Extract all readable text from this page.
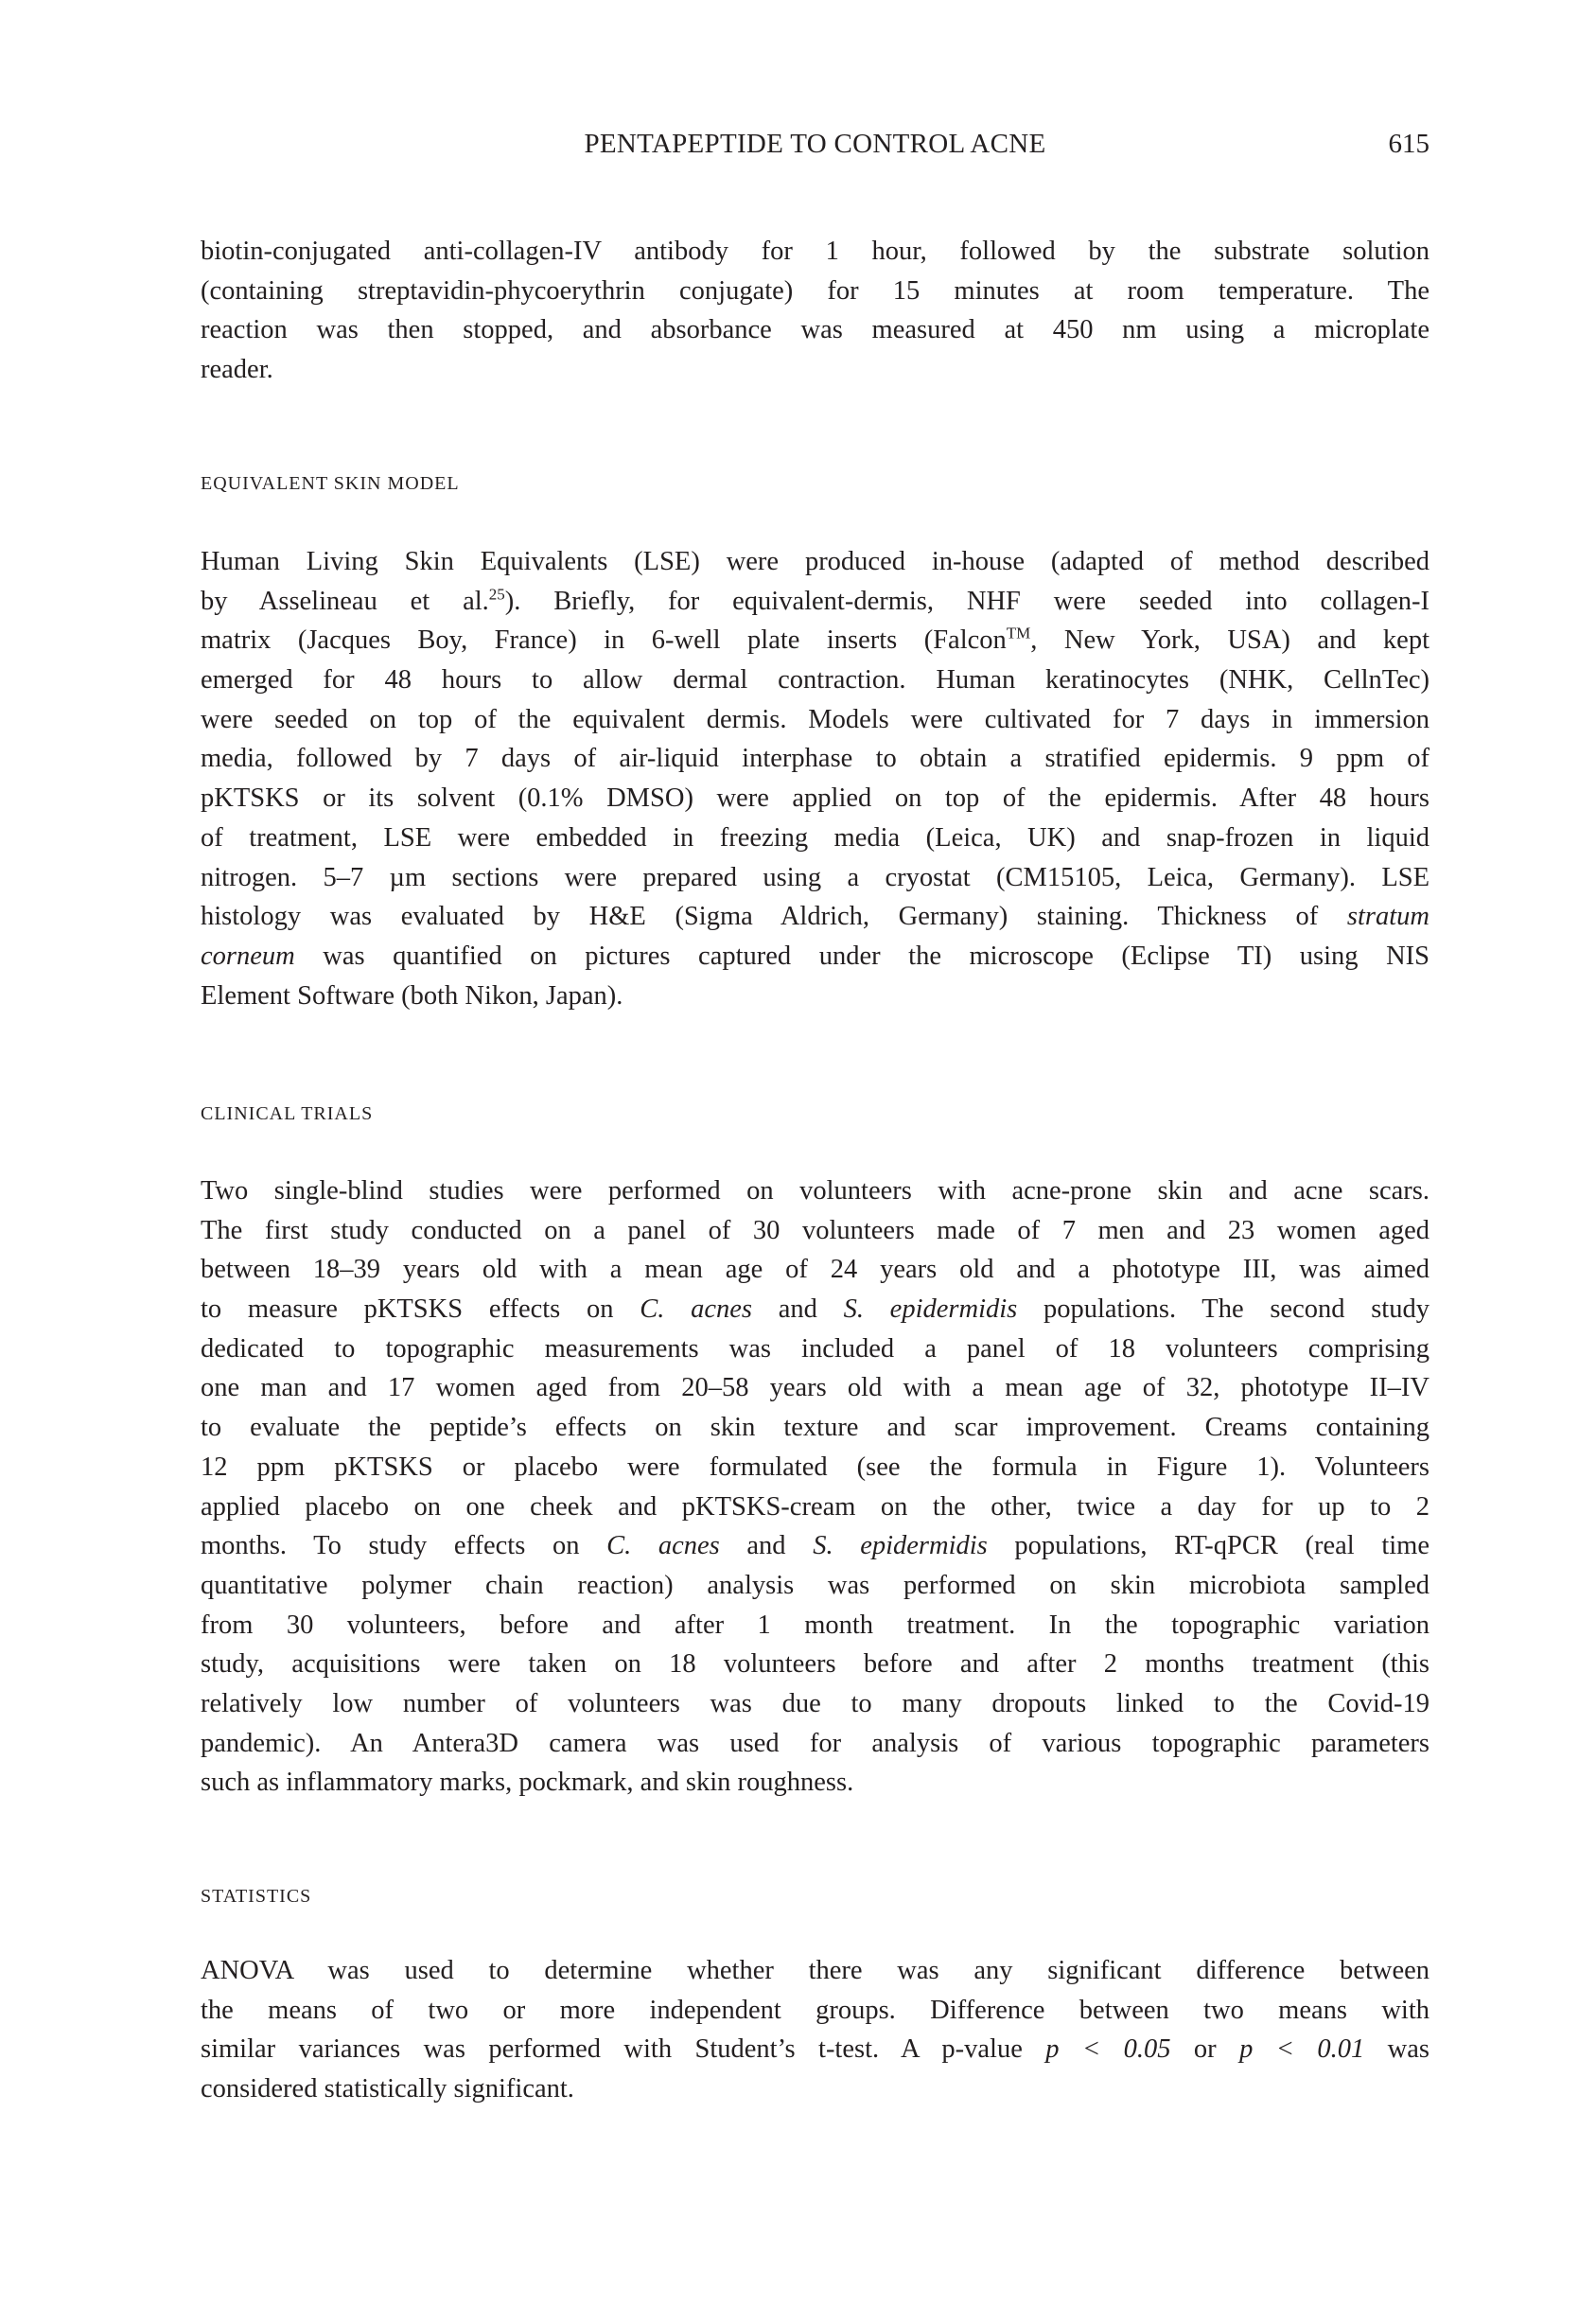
PENTAPEPTIDE TO CONTROL ACNE	615
biotin-conjugated anti-collagen-IV antibody for 1 hour, followed by the substrate solution
(containing streptavidin-phycoerythrin conjugate) for 15 minutes at room temperature. The
reaction was then stopped, and absorbance was measured at 450 nm using a microplate
reader.
EQUIVALENT SKIN MODEL
Human Living Skin Equivalents (LSE) were produced in-house (adapted of method described
by Asselineau et al.$^{25}$). Briefly, for equivalent-dermis, NHF were seeded into collagen-I
matrix (Jacques Boy, France) in 6-well plate inserts (Falcon™, New York, USA) and kept
emerged for 48 hours to allow dermal contraction. Human keratinocytes (NHK, CellnTec)
were seeded on top of the equivalent dermis. Models were cultivated for 7 days in immersion
media, followed by 7 days of air-liquid interphase to obtain a stratified epidermis. 9 ppm of
pKTSKS or its solvent (0.1% DMSO) were applied on top of the epidermis. After 48 hours
of treatment, LSE were embedded in freezing media (Leica, UK) and snap-frozen in liquid
nitrogen. 5–7 µm sections were prepared using a cryostat (CM15105, Leica, Germany). LSE
histology was evaluated by H&E (Sigma Aldrich, Germany) staining. Thickness of stratum
corneum was quantified on pictures captured under the microscope (Eclipse TI) using NIS
Element Software (both Nikon, Japan).
CLINICAL TRIALS
Two single-blind studies were performed on volunteers with acne-prone skin and acne scars.
The first study conducted on a panel of 30 volunteers made of 7 men and 23 women aged
between 18–39 years old with a mean age of 24 years old and a phototype III, was aimed
to measure pKTSKS effects on C. acnes and S. epidermidis populations. The second study
dedicated to topographic measurements was included a panel of 18 volunteers comprising
one man and 17 women aged from 20–58 years old with a mean age of 32, phototype II–IV
to evaluate the peptide’s effects on skin texture and scar improvement. Creams containing
12 ppm pKTSKS or placebo were formulated (see the formula in Figure 1). Volunteers
applied placebo on one cheek and pKTSKS-cream on the other, twice a day for up to 2
months. To study effects on C. acnes and S. epidermidis populations, RT-qPCR (real time
quantitative polymer chain reaction) analysis was performed on skin microbiota sampled
from 30 volunteers, before and after 1 month treatment. In the topographic variation
study, acquisitions were taken on 18 volunteers before and after 2 months treatment (this
relatively low number of volunteers was due to many dropouts linked to the Covid-19
pandemic). An Antera3D camera was used for analysis of various topographic parameters
such as inflammatory marks, pockmark, and skin roughness.
STATISTICS
ANOVA was used to determine whether there was any significant difference between
the means of two or more independent groups. Difference between two means with
similar variances was performed with Student’s t-test. A p-value p < 0.05 or p < 0.01 was
considered statistically significant.
